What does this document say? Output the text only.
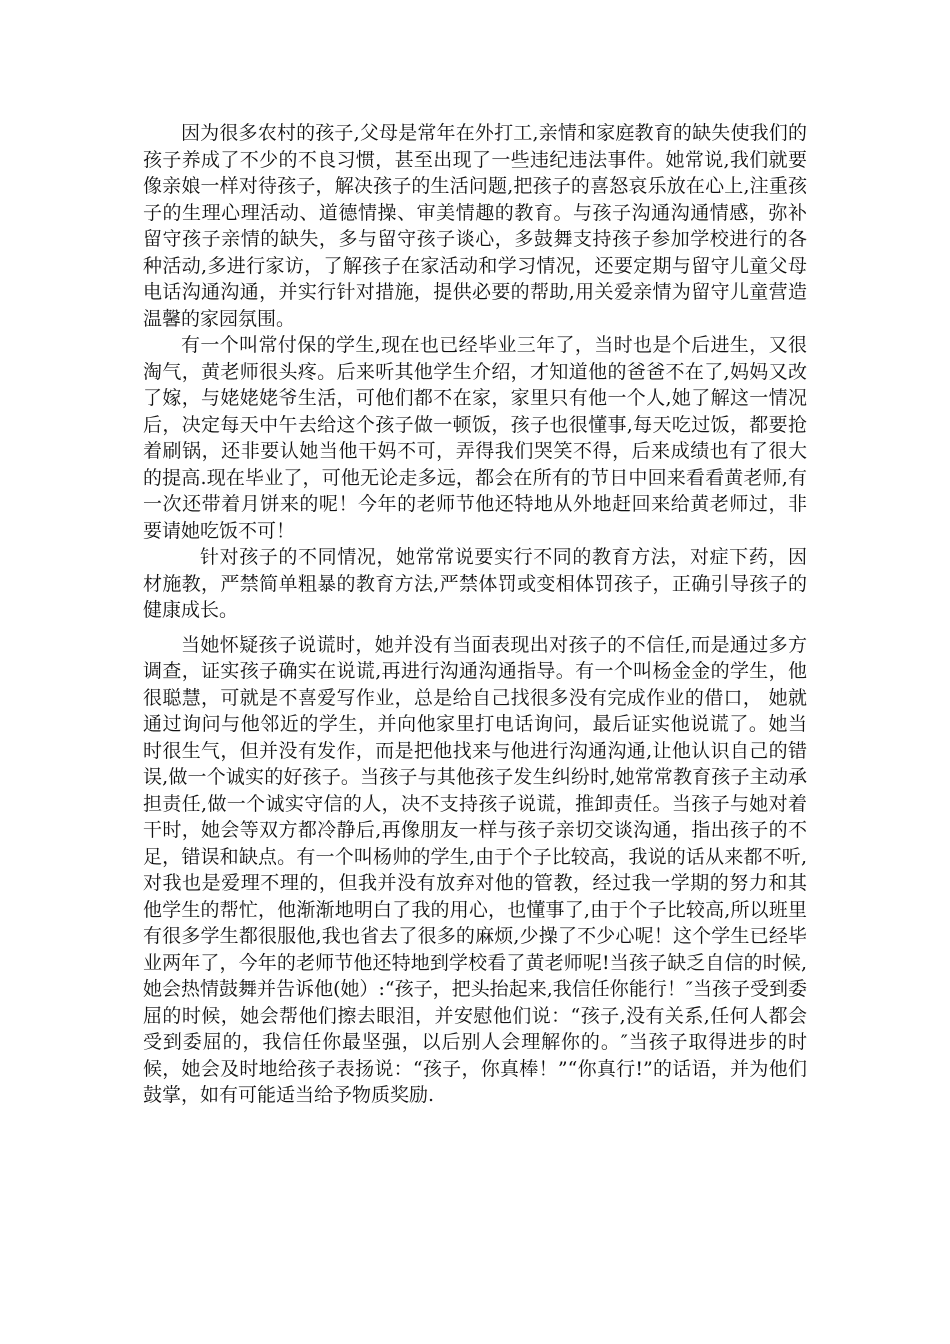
因为很多农村的孩子,父母是常年在外打工,亲情和家庭教育的缺失使我们的孩子养成了不少的不良习惯，甚至出现了一些违纪违法事件。她常说,我们就要像亲娘一样对待孩子，解决孩子的生活问题,把孩子的喜怒哀乐放在心上,注重孩子的生理心理活动、道德情操、审美情趣的教育。与孩子沟通沟通情感，弥补留守孩子亲情的缺失，多与留守孩子谈心，多鼓舞支持孩子参加学校进行的各种活动,多进行家访，了解孩子在家活动和学习情况，还要定期与留守儿童父母电话沟通沟通，并实行针对措施，提供必要的帮助,用关爱亲情为留守儿童营造温馨的家园氛围。

有一个叫常付保的学生,现在也已经毕业三年了，当时也是个后进生，又很淘气，黄老师很头疼。后来听其他学生介绍，才知道他的爸爸不在了,妈妈又改了嫁，与姥姥姥爷生活，可他们都不在家，家里只有他一个人,她了解这一情况后，决定每天中午去给这个孩子做一顿饭，孩子也很懂事,每天吃过饭，都要抢着刷锅，还非要认她当他干妈不可，弄得我们哭笑不得，后来成绩也有了很大的提高.现在毕业了，可他无论走多远，都会在所有的节日中回来看看黄老师,有一次还带着月饼来的呢！今年的老师节他还特地从外地赶回来给黄老师过，非要请她吃饭不可！

针对孩子的不同情况，她常常说要实行不同的教育方法，对症下药，因材施教，严禁简单粗暴的教育方法,严禁体罚或变相体罚孩子，正确引导孩子的健康成长。

当她怀疑孩子说谎时，她并没有当面表现出对孩子的不信任,而是通过多方调查，证实孩子确实在说谎,再进行沟通沟通指导。有一个叫杨金金的学生，他很聪慧，可就是不喜爱写作业，总是给自己找很多没有完成作业的借口， 她就通过询问与他邻近的学生，并向他家里打电话询问，最后证实他说谎了。她当时很生气，但并没有发作，而是把他找来与他进行沟通沟通,让他认识自己的错误,做一个诚实的好孩子。当孩子与其他孩子发生纠纷时,她常常教育孩子主动承担责任,做一个诚实守信的人，决不支持孩子说谎，推卸责任。当孩子与她对着干时，她会等双方都冷静后,再像朋友一样与孩子亲切交谈沟通，指出孩子的不足，错误和缺点。有一个叫杨帅的学生,由于个子比较高，我说的话从来都不听,对我也是爱理不理的，但我并没有放弃对他的管教，经过我一学期的努力和其他学生的帮忙，他渐渐地明白了我的用心，也懂事了,由于个子比较高,所以班里有很多学生都很服他,我也省去了很多的麻烦,少操了不少心呢！这个学生已经毕业两年了，今年的老师节他还特地到学校看了黄老师呢!当孩子缺乏自信的时候,她会热情鼓舞并告诉他(她）:“孩子，把头抬起来,我信任你能行！″当孩子受到委屈的时候，她会帮他们擦去眼泪，并安慰他们说：“孩子,没有关系,任何人都会受到委屈的，我信任你最坚强，以后别人会理解你的。″当孩子取得进步的时候，她会及时地给孩子表扬说：“孩子，你真棒！”“你真行!”的话语，并为他们鼓掌，如有可能适当给予物质奖励.
